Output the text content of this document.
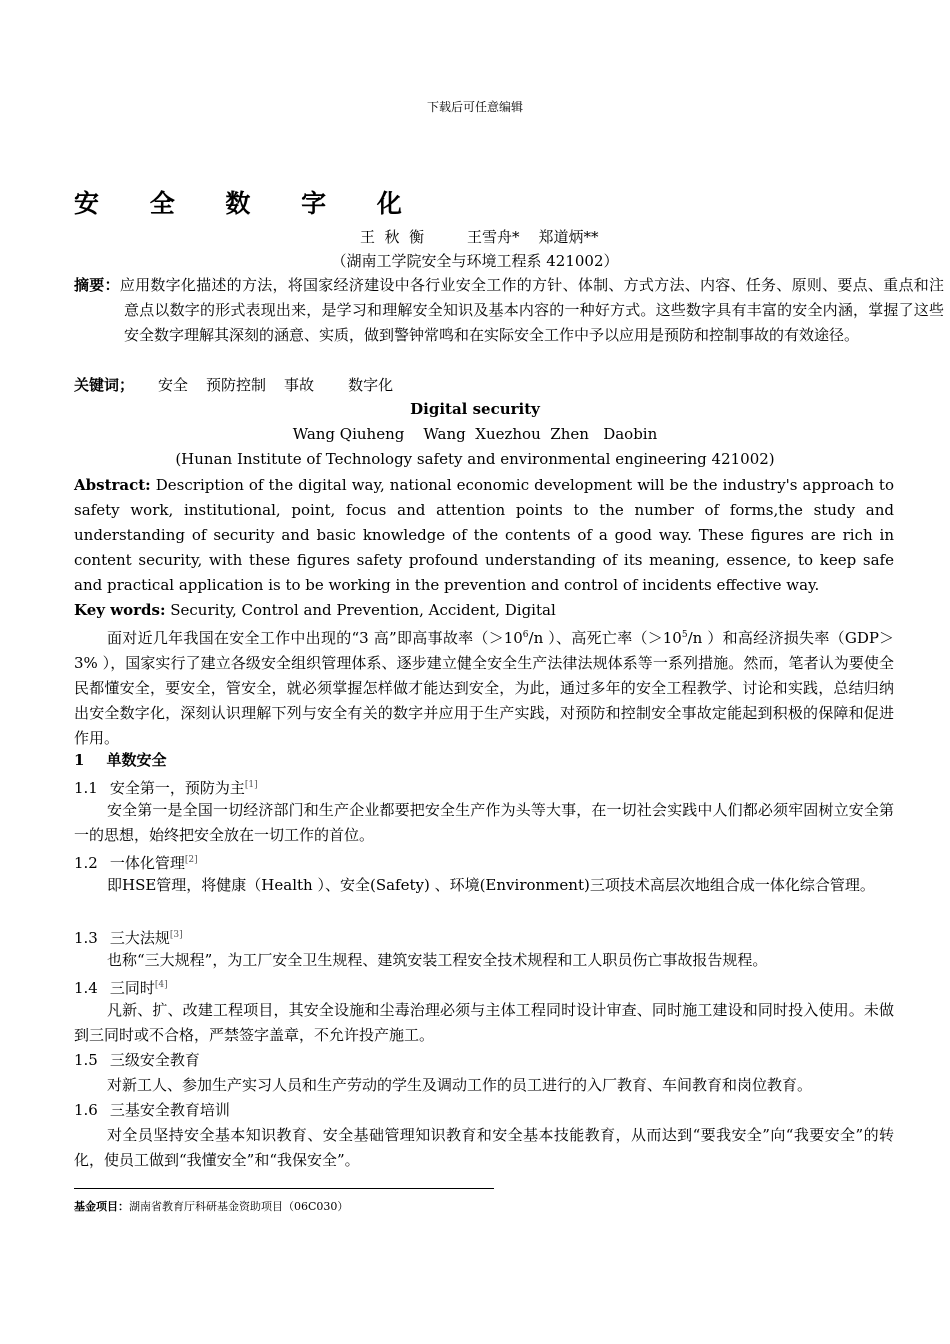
下载后可任意编辑
安 全 数 字 化
王  秋  衡         王雪舟*    郑道炳**
（湖南工学院安全与环境工程系 421002）
摘要：应用数字化描述的方法，将国家经济建设中各行业安全工作的方针、体制、方式方法、内容、任务、原则、要点、重点和注意点以数字的形式表现出来，是学习和理解安全知识及基本内容的一种好方式。这些数字具有丰富的安全内涵，掌握了这些安全数字理解其深刻的涵意、实质，做到警钟常鸣和在实际安全工作中予以应用是预防和控制事故的有效途径。
关键词； 安全 预防控制 事故 数字化
Digital security
Wang Qiuheng    Wang  Xuezhou  Zhen   Daobin
(Hunan Institute of Technology safety and environmental engineering 421002)
Abstract: Description of the digital way, national economic development will be the industry's approach to safety work, institutional, point, focus and attention points to the number of forms,the study and understanding of security and basic knowledge of the contents of a good way. These figures are rich in content security, with these figures safety profound understanding of its meaning, essence, to keep safe and practical application is to be working in the prevention and control of incidents effective way.
Key words: Security, Control and Prevention, Accident, Digital
面对近几年我国在安全工作中出现的“3 高”即高事故率（$>10^6/n$ ）、高死亡率（$>10^5/n$ ）和高经济损失率（GDP＞3% ），国家实行了建立各级安全组织管理体系、逐步建立健全安全生产法律法规体系等一系列措施。然而，笔者认为要使全民都懂安全，要安全，管安全，就必须掌握怎样做才能达到安全，为此，通过多年的安全工程教学、讨论和实践，总结归纳出安全数字化，深刻认识理解下列与安全有关的数字并应用于生产实践，对预防和控制安全事故定能起到积极的保障和促进作用。
1 单数安全
1.1 安全第一，预防为主[1]
安全第一是全国一切经济部门和生产企业都要把安全生产作为头等大事，在一切社会实践中人们都必须牢固树立安全第一的思想，始终把安全放在一切工作的首位。
1.2 一体化管理[2]
即HSE管理，将健康（Health ）、安全(Safety) 、环境(Environment)三项技术高层次地组合成一体化综合管理。
1.3 三大法规[3]
也称“三大规程”，为工厂安全卫生规程、建筑安装工程安全技术规程和工人职员伤亡事故报告规程。
1.4 三同时[4]
凡新、扩、改建工程项目，其安全设施和尘毒治理必须与主体工程同时设计审查、同时施工建设和同时投入使用。未做到三同时或不合格，严禁签字盖章，不允许投产施工。
1.5 三级安全教育
对新工人、参加生产实习人员和生产劳动的学生及调动工作的员工进行的入厂教育、车间教育和岗位教育。
1.6 三基安全教育培训
对全员坚持安全基本知识教育、安全基础管理知识教育和安全基本技能教育，从而达到“要我安全”向“我要安全”的转化，使员工做到“我懂安全”和“我保安全”。
基金项目：湖南省教育厅科研基金资助项目（06C030）
